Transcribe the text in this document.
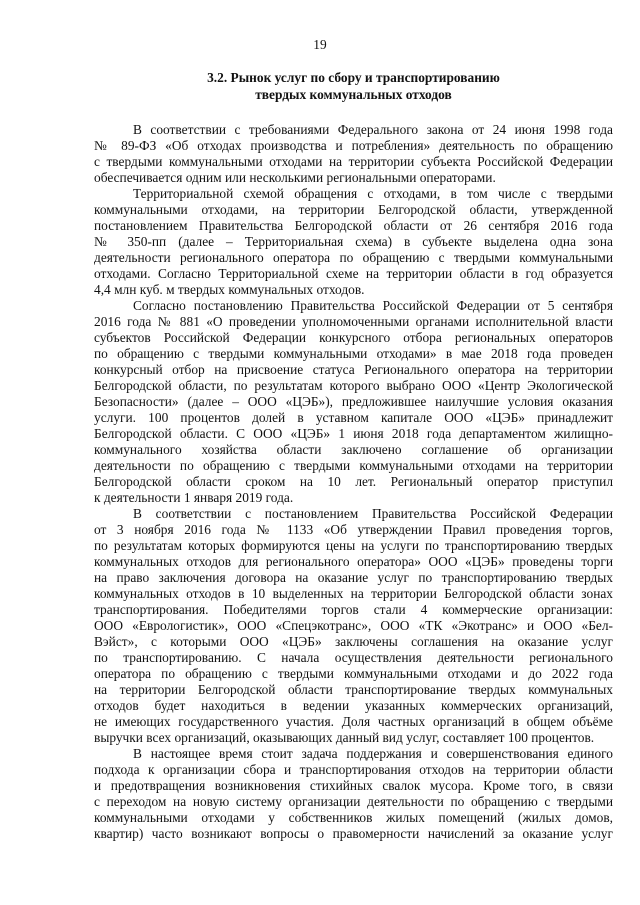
19
3.2. Рынок услуг по сбору и транспортированию
твердых коммунальных отходов
В соответствии с требованиями Федерального закона от 24 июня 1998 года
№ 89-ФЗ «Об отходах производства и потребления» деятельность по обращению
с твердыми коммунальными отходами на территории субъекта Российской Федерации
обеспечивается одним или несколькими региональными операторами.
Территориальной схемой обращения с отходами, в том числе с твердыми
коммунальными отходами, на территории Белгородской области, утвержденной
постановлением Правительства Белгородской области от 26 сентября 2016 года
№ 350-пп (далее – Территориальная схема) в субъекте выделена одна зона
деятельности регионального оператора по обращению с твердыми коммунальными
отходами. Согласно Территориальной схеме на территории области в год образуется
4,4 млн куб. м твердых коммунальных отходов.
Согласно постановлению Правительства Российской Федерации от 5 сентября
2016 года № 881 «О проведении уполномоченными органами исполнительной власти
субъектов Российской Федерации конкурсного отбора региональных операторов
по обращению с твердыми коммунальными отходами» в мае 2018 года проведен
конкурсный отбор на присвоение статуса Регионального оператора на территории
Белгородской области, по результатам которого выбрано ООО «Центр Экологической
Безопасности» (далее – ООО «ЦЭБ»), предложившее наилучшие условия оказания
услуги. 100 процентов долей в уставном капитале ООО «ЦЭБ» принадлежит
Белгородской области. С ООО «ЦЭБ» 1 июня 2018 года департаментом жилищно-
коммунального хозяйства области заключено соглашение об организации
деятельности по обращению с твердыми коммунальными отходами на территории
Белгородской области сроком на 10 лет. Региональный оператор приступил
к деятельности 1 января 2019 года.
В соответствии с постановлением Правительства Российской Федерации
от 3 ноября 2016 года № 1133 «Об утверждении Правил проведения торгов,
по результатам которых формируются цены на услуги по транспортированию твердых
коммунальных отходов для регионального оператора» ООО «ЦЭБ» проведены торги
на право заключения договора на оказание услуг по транспортированию твердых
коммунальных отходов в 10 выделенных на территории Белгородской области зонах
транспортирования. Победителями торгов стали 4 коммерческие организации:
ООО «Еврологистик», ООО «Спецэкотранс», ООО «ТК «Экотранс» и ООО «Бел-
Вэйст», с которыми ООО «ЦЭБ» заключены соглашения на оказание услуг
по транспортированию. С начала осуществления деятельности регионального
оператора по обращению с твердыми коммунальными отходами и до 2022 года
на территории Белгородской области транспортирование твердых коммунальных
отходов будет находиться в ведении указанных коммерческих организаций,
не имеющих государственного участия. Доля частных организаций в общем объёме
выручки всех организаций, оказывающих данный вид услуг, составляет 100 процентов.
В настоящее время стоит задача поддержания и совершенствования единого
подхода к организации сбора и транспортирования отходов на территории области
и предотвращения возникновения стихийных свалок мусора. Кроме того, в связи
с переходом на новую систему организации деятельности по обращению с твердыми
коммунальными отходами у собственников жилых помещений (жилых домов,
квартир) часто возникают вопросы о правомерности начислений за оказание услуг
